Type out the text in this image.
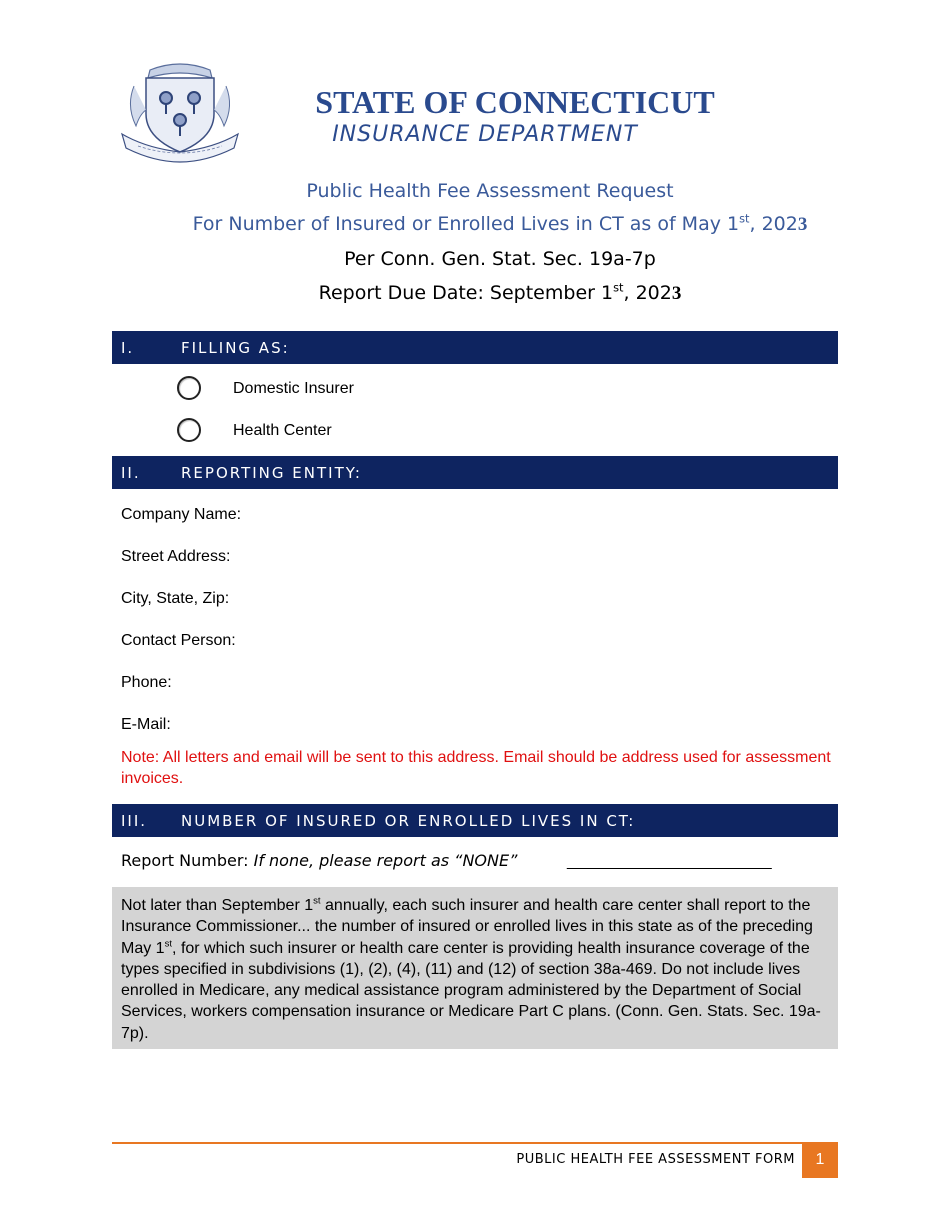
STATE OF CONNECTICUT
INSURANCE DEPARTMENT
Public Health Fee Assessment Request
For Number of Insured or Enrolled Lives in CT as of May 1st, 2023
Per Conn. Gen. Stat. Sec. 19a-7p
Report Due Date: September 1st, 2023
I.	FILLING AS:
Domestic Insurer
Health Center
II.	REPORTING ENTITY:
Company Name:
Street Address:
City, State, Zip:
Contact Person:
Phone:
E-Mail:
Note: All letters and email will be sent to this address. Email should be address used for assessment invoices.
III.	NUMBER OF INSURED OR ENROLLED LIVES IN CT:
Report Number: If none, please report as “NONE”	_______________________
Not later than September 1st annually, each such insurer and health care center shall report to the Insurance Commissioner... the number of insured or enrolled lives in this state as of the preceding May 1st, for which such insurer or health care center is providing health insurance coverage of the types specified in subdivisions (1), (2), (4), (11) and (12) of section 38a-469. Do not include lives enrolled in Medicare, any medical assistance program administered by the Department of Social Services, workers compensation insurance or Medicare Part C plans. (Conn. Gen. Stats. Sec. 19a-7p).
PUBLIC HEALTH FEE ASSESSMENT FORM	1
